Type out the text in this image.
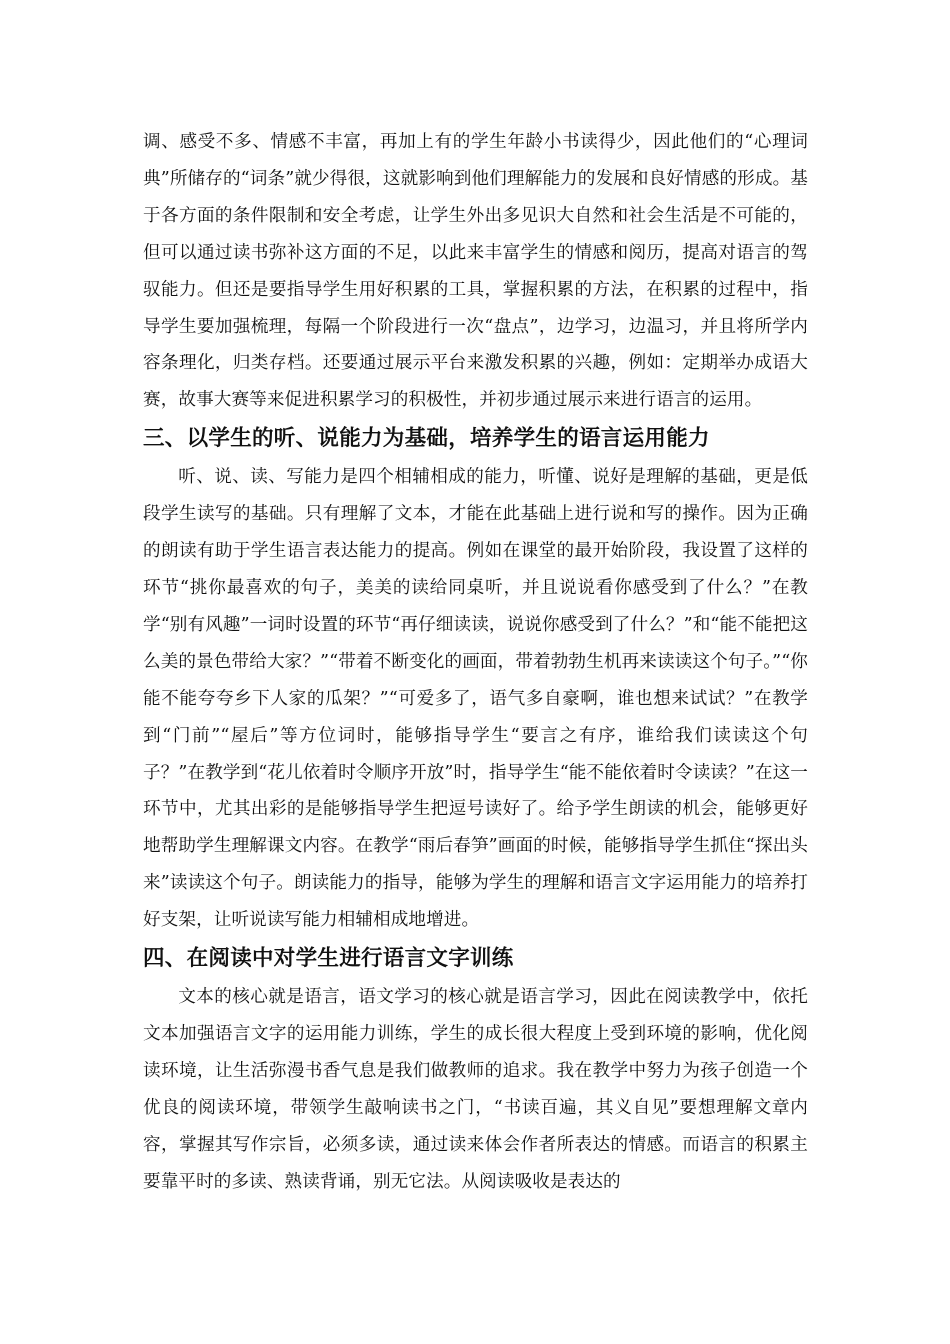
调、感受不多、情感不丰富，再加上有的学生年龄小书读得少，因此他们的“心理词典”所储存的“词条”就少得很，这就影响到他们理解能力的发展和良好情感的形成。基于各方面的条件限制和安全考虑，让学生外出多见识大自然和社会生活是不可能的，但可以通过读书弥补这方面的不足，以此来丰富学生的情感和阅历，提高对语言的驾驭能力。但还是要指导学生用好积累的工具，掌握积累的方法，在积累的过程中，指导学生要加强梳理，每隔一个阶段进行一次“盘点”，边学习，边温习，并且将所学内容条理化，归类存档。还要通过展示平台来激发积累的兴趣，例如：定期举办成语大赛，故事大赛等来促进积累学习的积极性，并初步通过展示来进行语言的运用。

三、以学生的听、说能力为基础，培养学生的语言运用能力

听、说、读、写能力是四个相辅相成的能力，听懂、说好是理解的基础，更是低段学生读写的基础。只有理解了文本，才能在此基础上进行说和写的操作。因为正确的朗读有助于学生语言表达能力的提高。例如在课堂的最开始阶段，我设置了这样的环节“挑你最喜欢的句子，美美的读给同桌听，并且说说看你感受到了什么？”在教学“别有风趣”一词时设置的环节“再仔细读读，说说你感受到了什么？”和“能不能把这么美的景色带给大家？”“带着不断变化的画面，带着勃勃生机再来读读这个句子。”“你能不能夸夸乡下人家的瓜架？”“可爱多了，语气多自豪啊，谁也想来试试？”在教学到“门前”“屋后”等方位词时，能够指导学生“要言之有序，谁给我们读读这个句子？”在教学到“花儿依着时令顺序开放”时，指导学生“能不能依着时令读读？”在这一环节中，尤其出彩的是能够指导学生把逗号读好了。给予学生朗读的机会，能够更好地帮助学生理解课文内容。在教学“雨后春笋”画面的时候，能够指导学生抓住“探出头来”读读这个句子。朗读能力的指导，能够为学生的理解和语言文字运用能力的培养打好支架，让听说读写能力相辅相成地增进。

四、在阅读中对学生进行语言文字训练

文本的核心就是语言，语文学习的核心就是语言学习，因此在阅读教学中，依托文本加强语言文字的运用能力训练，学生的成长很大程度上受到环境的影响，优化阅读环境，让生活弥漫书香气息是我们做教师的追求。我在教学中努力为孩子创造一个优良的阅读环境，带领学生敲响读书之门，“书读百遍，其义自见”要想理解文章内容，掌握其写作宗旨，必须多读，通过读来体会作者所表达的情感。而语言的积累主要靠平时的多读、熟读背诵，别无它法。从阅读吸收是表达的
